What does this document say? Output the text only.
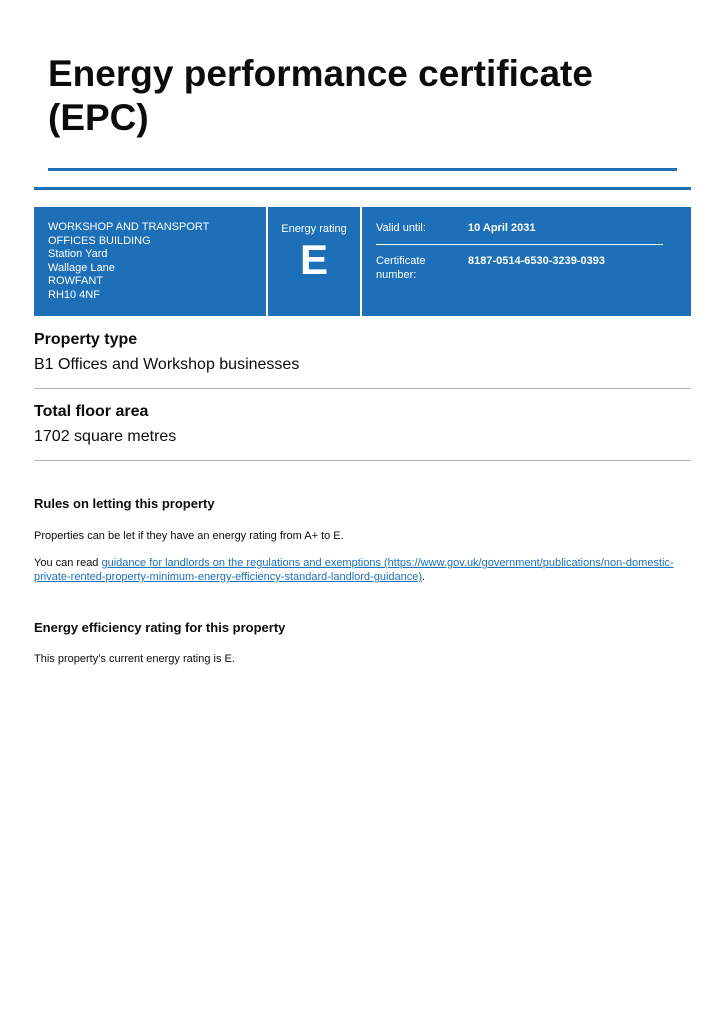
Energy performance certificate (EPC)
WORKSHOP AND TRANSPORT
OFFICES BUILDING
Station Yard
Wallage Lane
ROWFANT
RH10 4NF
Energy rating
E
Valid until:	10 April 2031
Certificate number:
8187-0514-6530-3239-0393
Property type
B1 Offices and Workshop businesses
Total floor area
1702 square metres
Rules on letting this property

Properties can be let if they have an energy rating from A+ to E.

You can read guidance for landlords on the regulations and exemptions (https://www.gov.uk/government/publications/non-domestic-private-rented-property-minimum-energy-efficiency-standard-landlord-guidance).

Energy efficiency rating for this property

This property’s current energy rating is E.
